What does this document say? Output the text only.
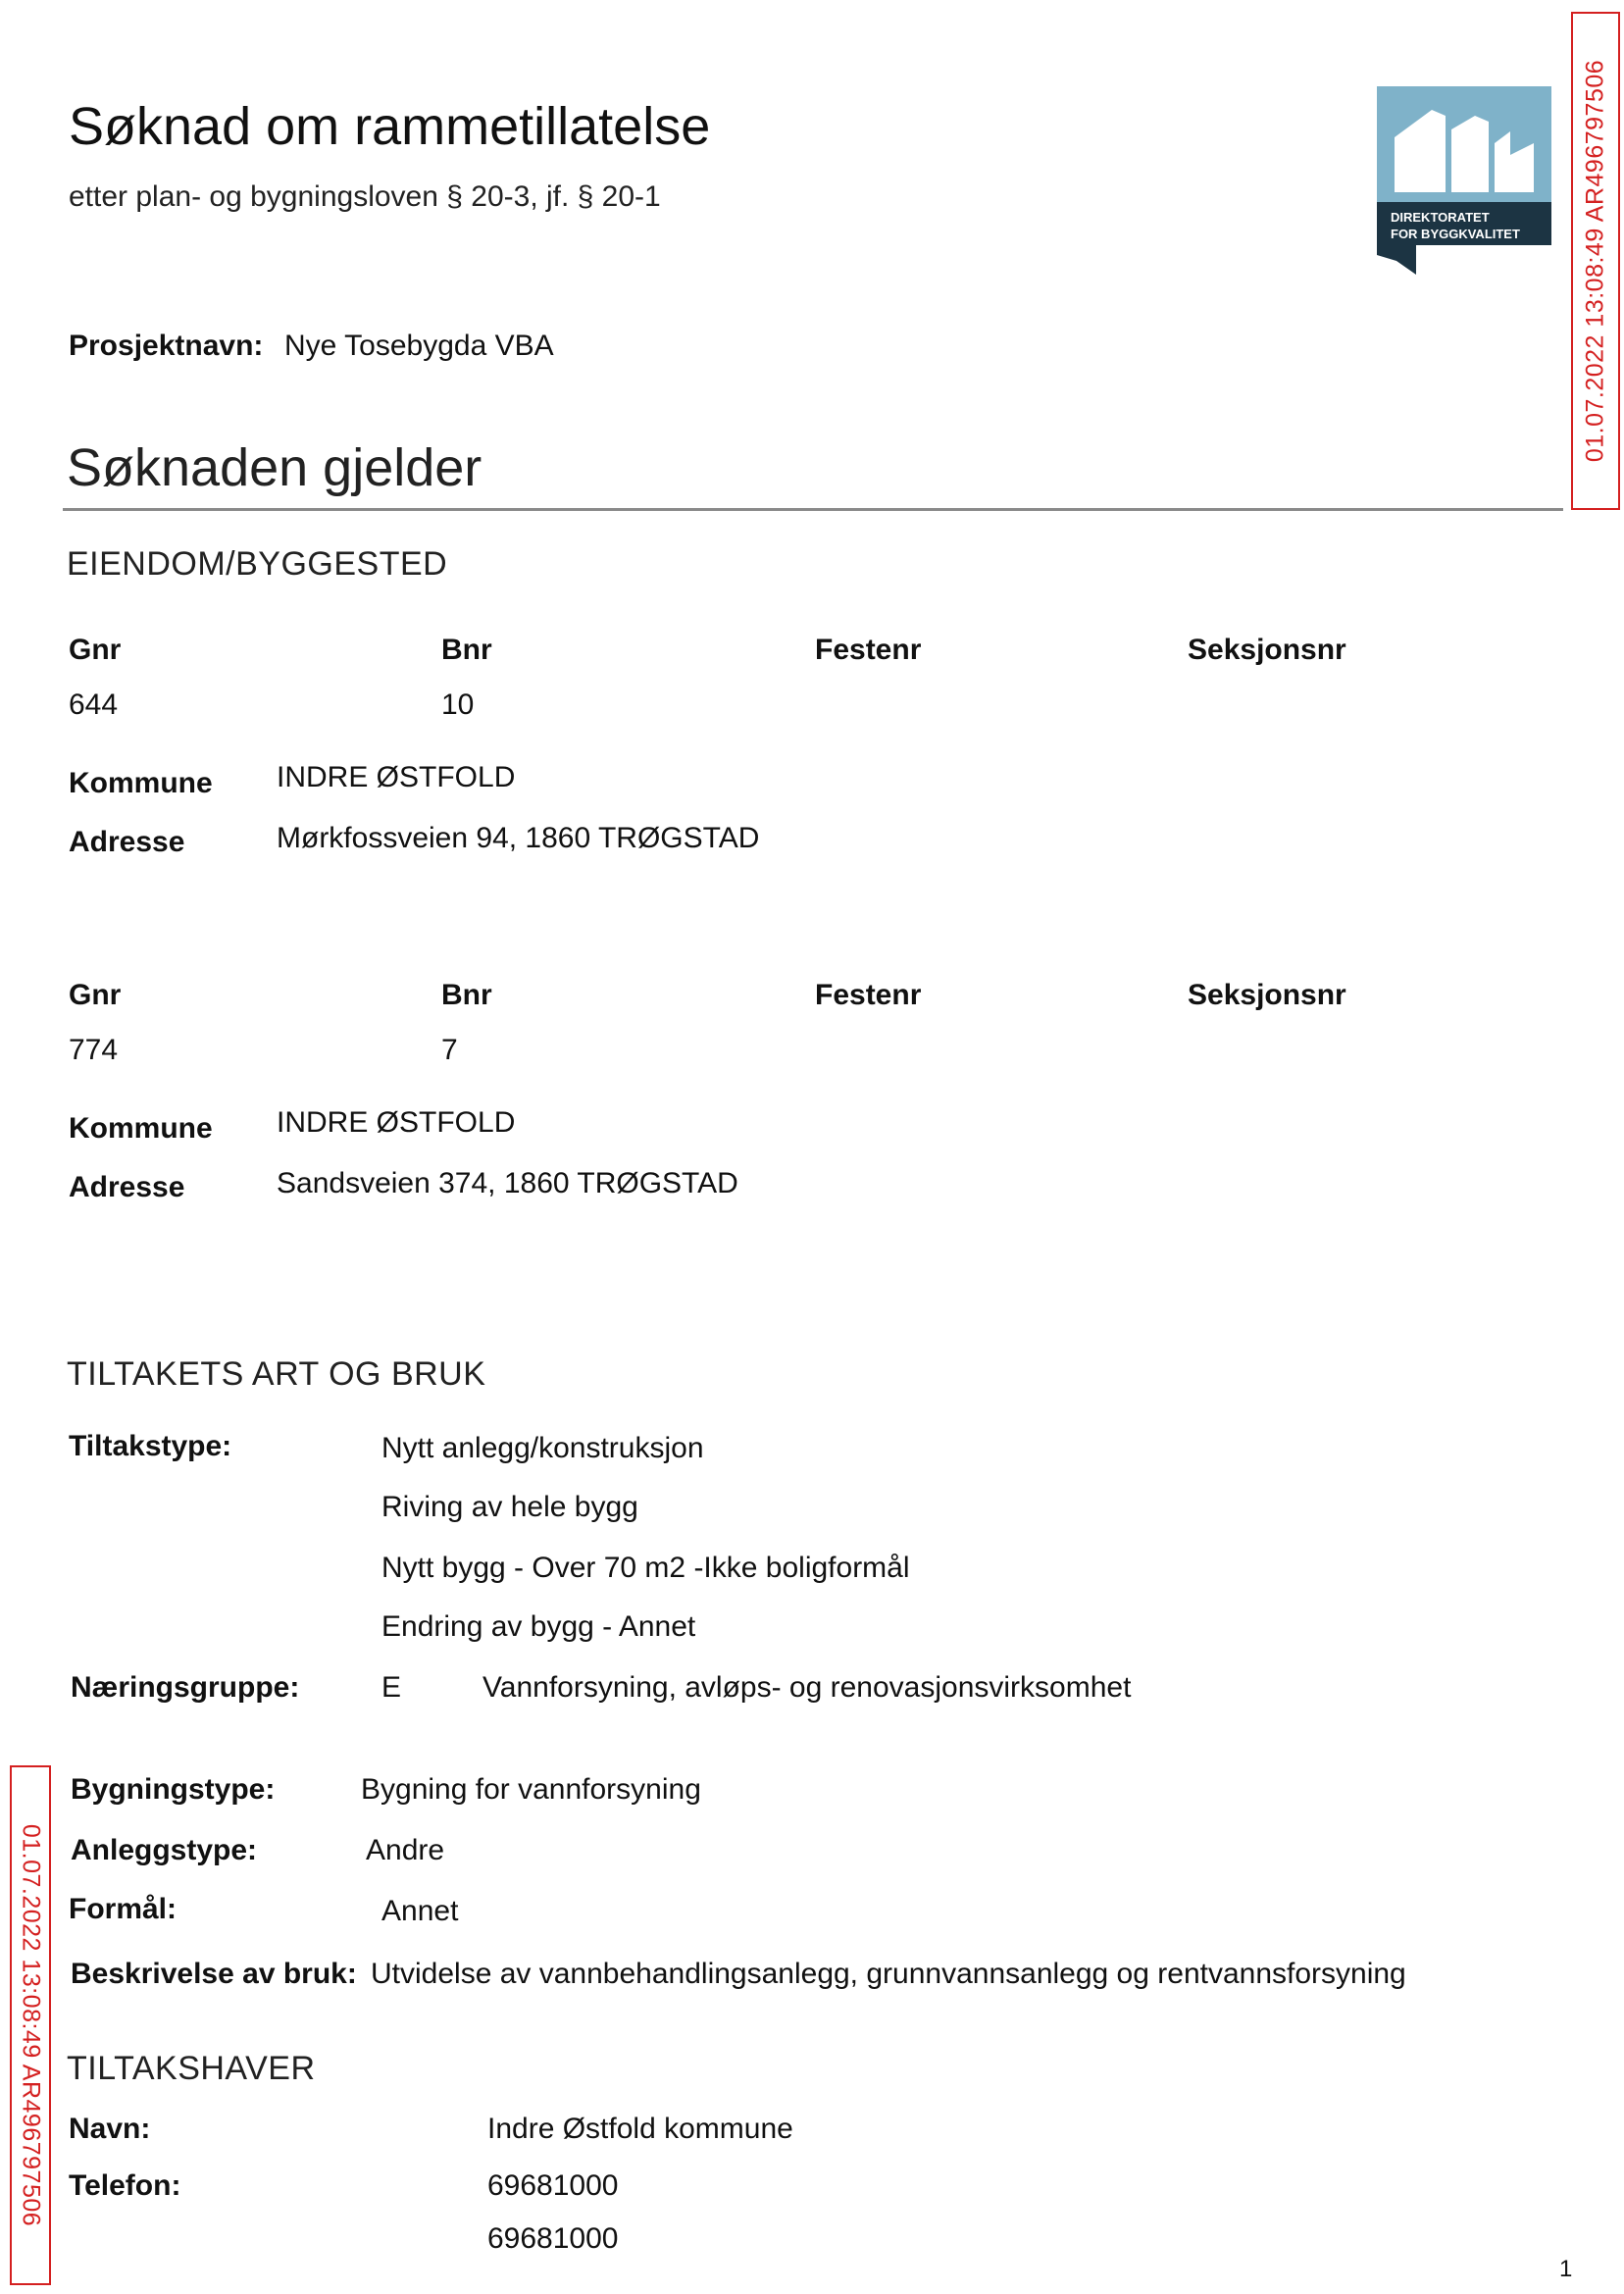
Søknad om rammetillatelse
etter plan- og bygningsloven § 20-3, jf. § 20-1
DIREKTORATET
FOR BYGGKVALITET	01.07.2022 13:08:49 AR496797506
01.07.2022 13:08:49 AR496797506
Prosjektnavn: Nye Tosebygda VBA
Søknaden gjelder
EIENDOM/BYGGESTED
Gnr	Bnr	Festenr	Seksjonsnr
644	10
Kommune INDRE ØSTFOLD
Adresse	Mørkfossveien 94, 1860 TRØGSTAD
Gnr	Bnr	Festenr	Seksjonsnr
774	7
Kommune INDRE ØSTFOLD
Adresse	Sandsveien 374, 1860 TRØGSTAD
TILTAKETS ART OG BRUK
Tiltakstype:	Nytt anlegg/konstruksjon
Riving av hele bygg
Nytt bygg - Over 70 m2 -Ikke boligformål
Endring av bygg - Annet
Næringsgruppe:	E	Vannforsyning, avløps- og renovasjonsvirksomhet
Bygningstype:	Bygning for vannforsyning
Anleggstype:	Andre
Formål:	Annet
Beskrivelse av bruk: Utvidelse av vannbehandlingsanlegg, grunnvannsanlegg og rentvannsforsyning
TILTAKSHAVER
Navn:	Indre Østfold kommune
Telefon:	69681000
69681000
1
